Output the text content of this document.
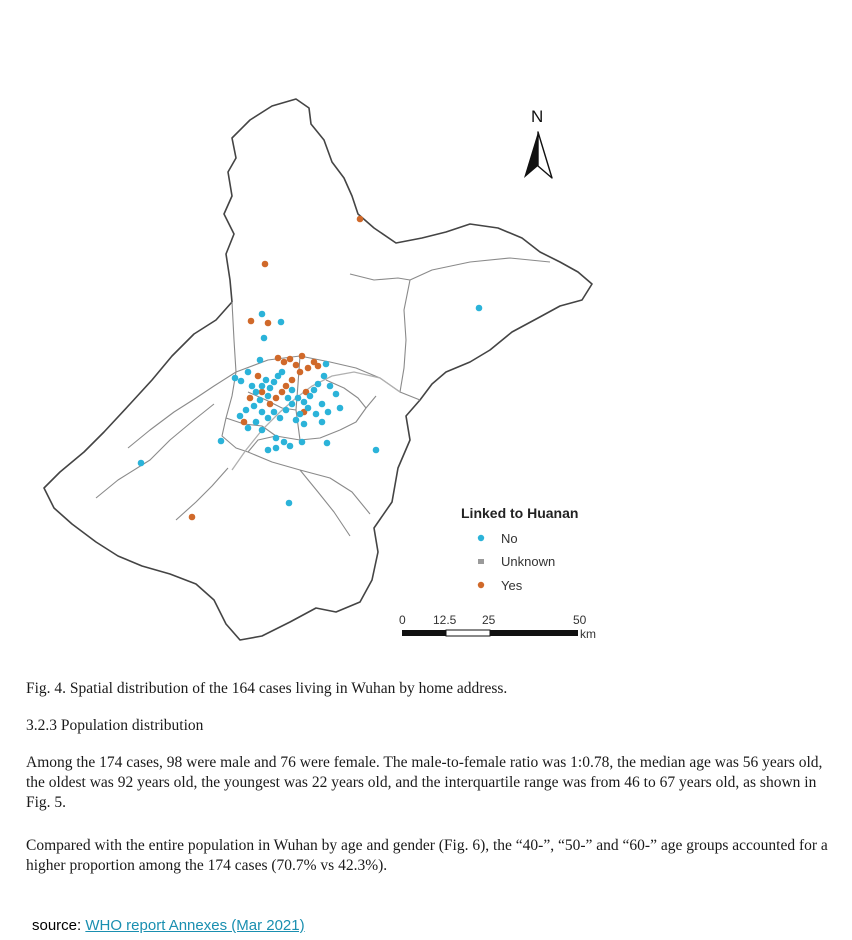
N
Linked to Huanan
No
Unknown
Yes
0 12.5 25	50
km

Fig. 4. Spatial distribution of the 164 cases living in Wuhan by home address.

3.2.3 Population distribution

Among the 174 cases, 98 were male and 76 were female. The male-to-female ratio was 1:0.78, the median age was 56 years old, the oldest was 92 years old, the youngest was 22 years old, and the interquartile range was from 46 to 67 years old, as shown in Fig. 5.

Compared with the entire population in Wuhan by age and gender (Fig. 6), the “40-”, “50-” and “60-” age groups accounted for a higher proportion among the 174 cases (70.7% vs 42.3%).

source: WHO report Annexes (Mar 2021)
